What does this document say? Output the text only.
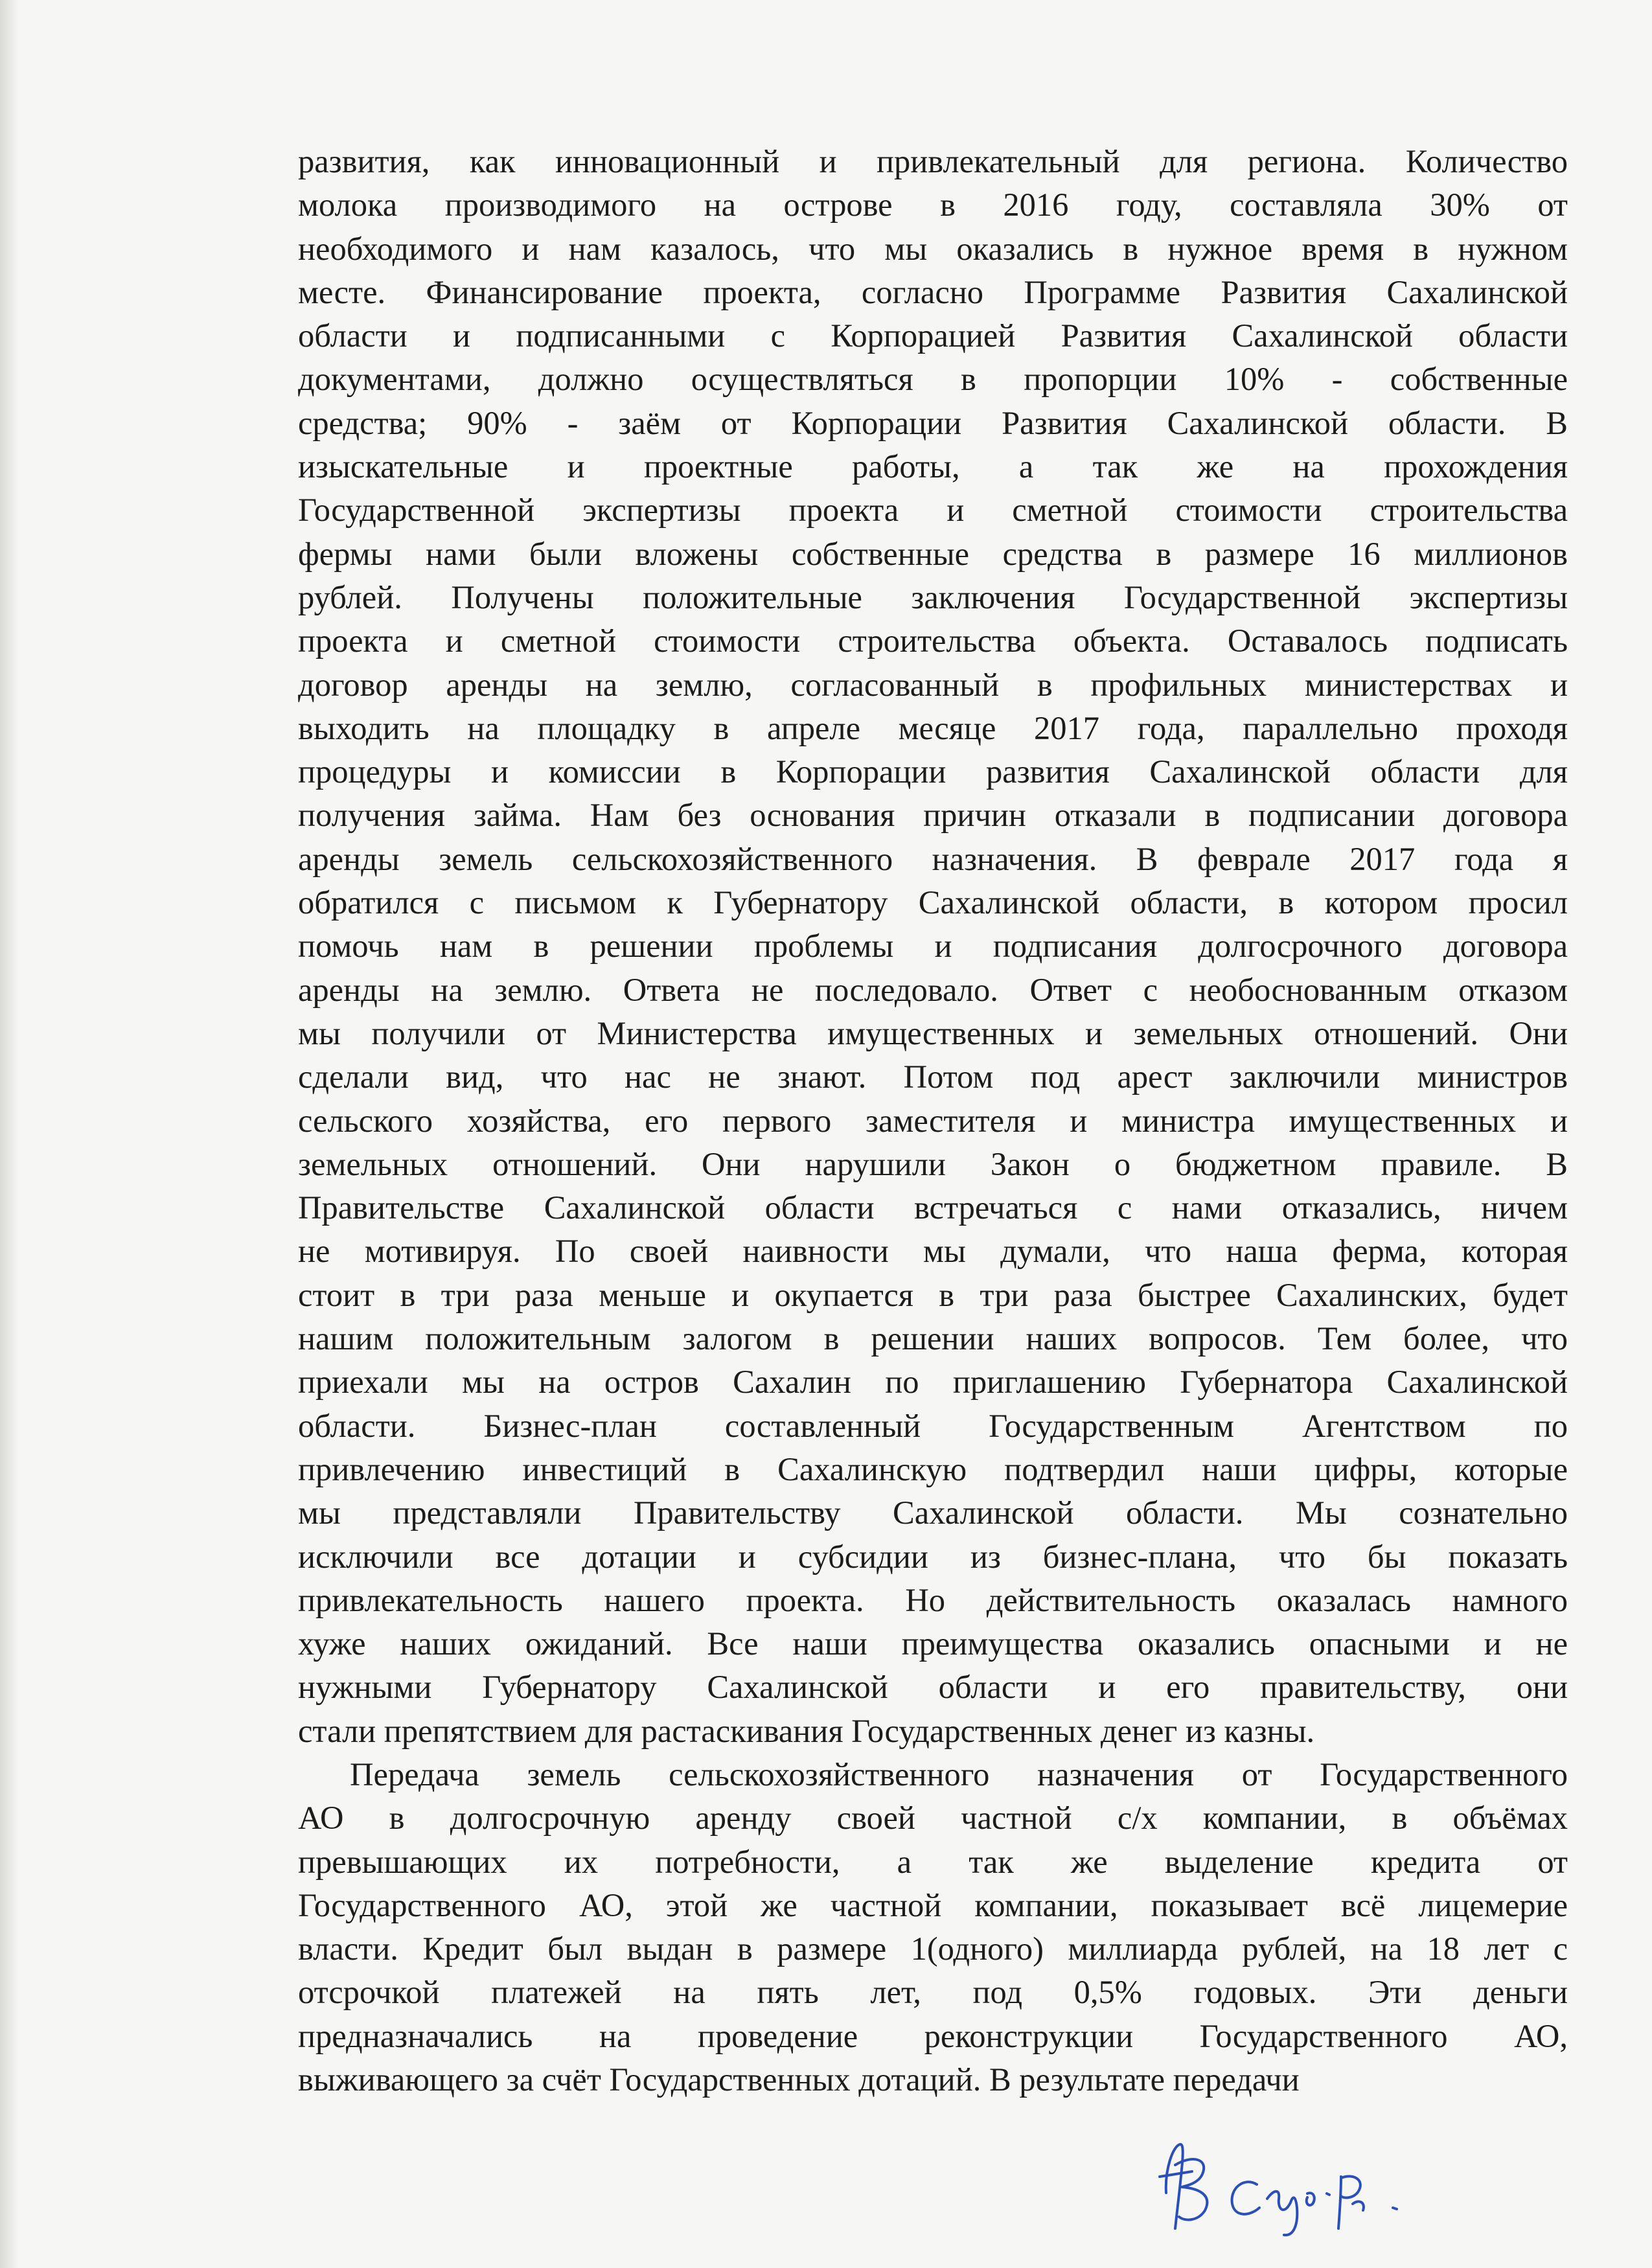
развития, как инновационный и привлекательный для региона. Количество

молока производимого на острове в 2016 году, составляла 30% от

необходимого и нам казалось, что мы оказались в нужное время в нужном

месте. Финансирование проекта, согласно Программе Развития Сахалинской

области и подписанными с Корпорацией Развития Сахалинской области

документами, должно осуществляться в пропорции 10% - собственные

средства; 90% - заём от Корпорации Развития Сахалинской области. В

изыскательные и проектные работы, а так же на прохождения

Государственной экспертизы проекта и сметной стоимости строительства

фермы нами были вложены собственные средства в размере 16 миллионов

рублей. Получены положительные заключения Государственной экспертизы

проекта и сметной стоимости строительства объекта. Оставалось подписать

договор аренды на землю, согласованный в профильных министерствах и

выходить на площадку в апреле месяце 2017 года, параллельно проходя

процедуры и комиссии в Корпорации развития Сахалинской области для

получения займа. Нам без основания причин отказали в подписании договора

аренды земель сельскохозяйственного назначения. В феврале 2017 года я

обратился с письмом к Губернатору Сахалинской области, в котором просил

помочь нам в решении проблемы и подписания долгосрочного договора

аренды на землю. Ответа не последовало. Ответ с необоснованным отказом

мы получили от Министерства имущественных и земельных отношений. Они

сделали вид, что нас не знают. Потом под арест заключили министров

сельского хозяйства, его первого заместителя и министра имущественных и

земельных отношений. Они нарушили Закон о бюджетном правиле. В

Правительстве Сахалинской области встречаться с нами отказались, ничем

не мотивируя. По своей наивности мы думали, что наша ферма, которая

стоит в три раза меньше и окупается в три раза быстрее Сахалинских, будет

нашим положительным залогом в решении наших вопросов. Тем более, что

приехали мы на остров Сахалин по приглашению Губернатора Сахалинской

области. Бизнес-план составленный Государственным Агентством по

привлечению инвестиций в Сахалинскую подтвердил наши цифры, которые

мы представляли Правительству Сахалинской области. Мы сознательно

исключили все дотации и субсидии из бизнес-плана, что бы показать

привлекательность нашего проекта. Но действительность оказалась намного

хуже наших ожиданий. Все наши преимущества оказались опасными и не

нужными Губернатору Сахалинской области и его правительству, они

стали препятствием для растаскивания Государственных денег из казны.

Передача земель сельскохозяйственного назначения от Государственного

АО в долгосрочную аренду своей частной с/х компании, в объёмах

превышающих их потребности, а так же выделение кредита от

Государственного АО, этой же частной компании, показывает всё лицемерие

власти. Кредит был выдан в размере 1(одного) миллиарда рублей, на 18 лет с

отсрочкой платежей на пять лет, под 0,5% годовых. Эти деньги

предназначались на проведение реконструкции Государственного АО,

выживающего за счёт Государственных дотаций. В результате передачи
